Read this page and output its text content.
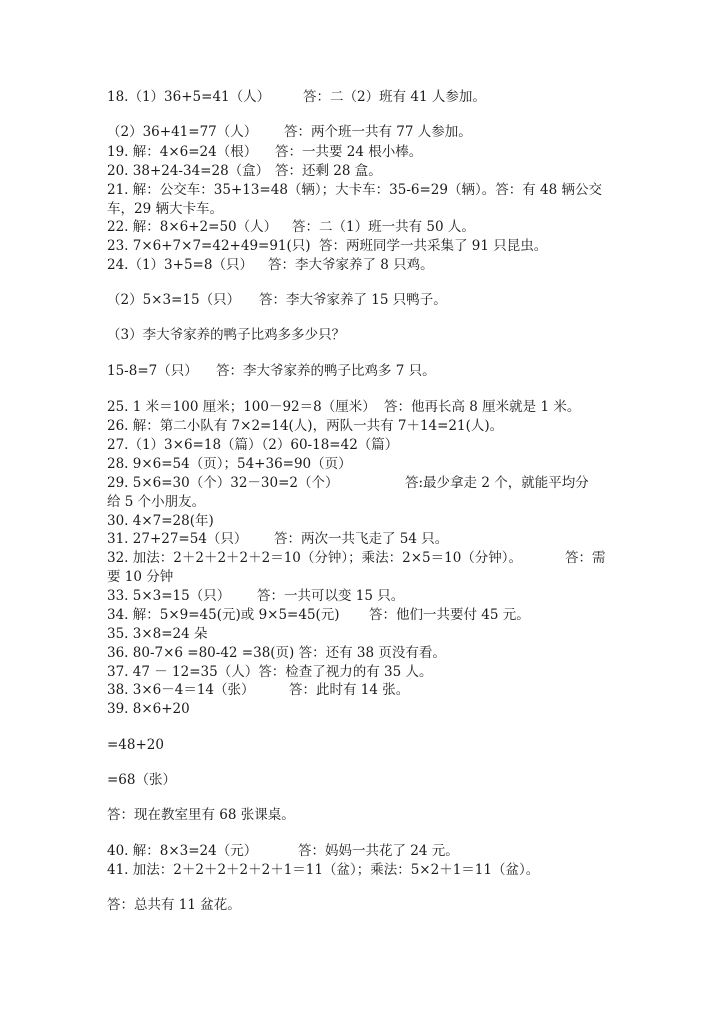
18.（1）36+5=41（人） 答：二（2）班有 41 人参加。
（2）36+41=77（人） 答：两个班一共有 77 人参加。
19. 解：4×6=24（根） 答：一共要 24 根小棒。
20. 38+24-34=28（盒） 答：还剩 28 盒。
21. 解：公交车：35+13=48（辆）；大卡车：35-6=29（辆）。答：有 48 辆公交
车，29 辆大卡车。
22. 解：8×6+2=50（人） 答：二（1）班一共有 50 人。
23. 7×6+7×7=42+49=91(只) 答：两班同学一共采集了 91 只昆虫。
24.（1）3+5=8（只） 答：李大爷家养了 8 只鸡。
（2）5×3=15（只） 答：李大爷家养了 15 只鸭子。
（3）李大爷家养的鸭子比鸡多多少只？
15-8=7（只） 答：李大爷家养的鸭子比鸡多 7 只。
25. 1 米＝100 厘米；100－92＝8（厘米） 答：他再长高 8 厘米就是 1 米。
26. 解：第二小队有 7×2=14(人)，两队一共有 7＋14=21(人)。
27.（1）3×6=18（篇）（2）60-18=42（篇）
28. 9×6=54（页）；54+36=90（页）
29. 5×6=30（个）32－30=2（个）	答:最少拿走 2 个，就能平均分
给 5 个小朋友。
30. 4×7=28(年)
31. 27+27=54（只） 答：两次一共飞走了 54 只。
32. 加法：2＋2＋2＋2＋2＝10（分钟）；乘法：2×5＝10（分钟）。	答：需
要 10 分钟
33. 5×3=15（只） 答：一共可以变 15 只。
34. 解：5×9=45(元)或 9×5=45(元) 答：他们一共要付 45 元。
35. 3×8=24 朵
36. 80-7×6 =80-42 =38(页) 答：还有 38 页没有看。
37. 47 － 12=35（人）答：检查了视力的有 35 人。
38. 3×6－4＝14（张）	答：此时有 14 张。
39. 8×6+20
=48+20
=68（张）
答：现在教室里有 68 张课桌。
40. 解：8×3=24（元）	答：妈妈一共花了 24 元。
41. 加法：2＋2＋2＋2＋2＋1＝11（盆）；乘法：5×2＋1＝11（盆）。
答：总共有 11 盆花。
